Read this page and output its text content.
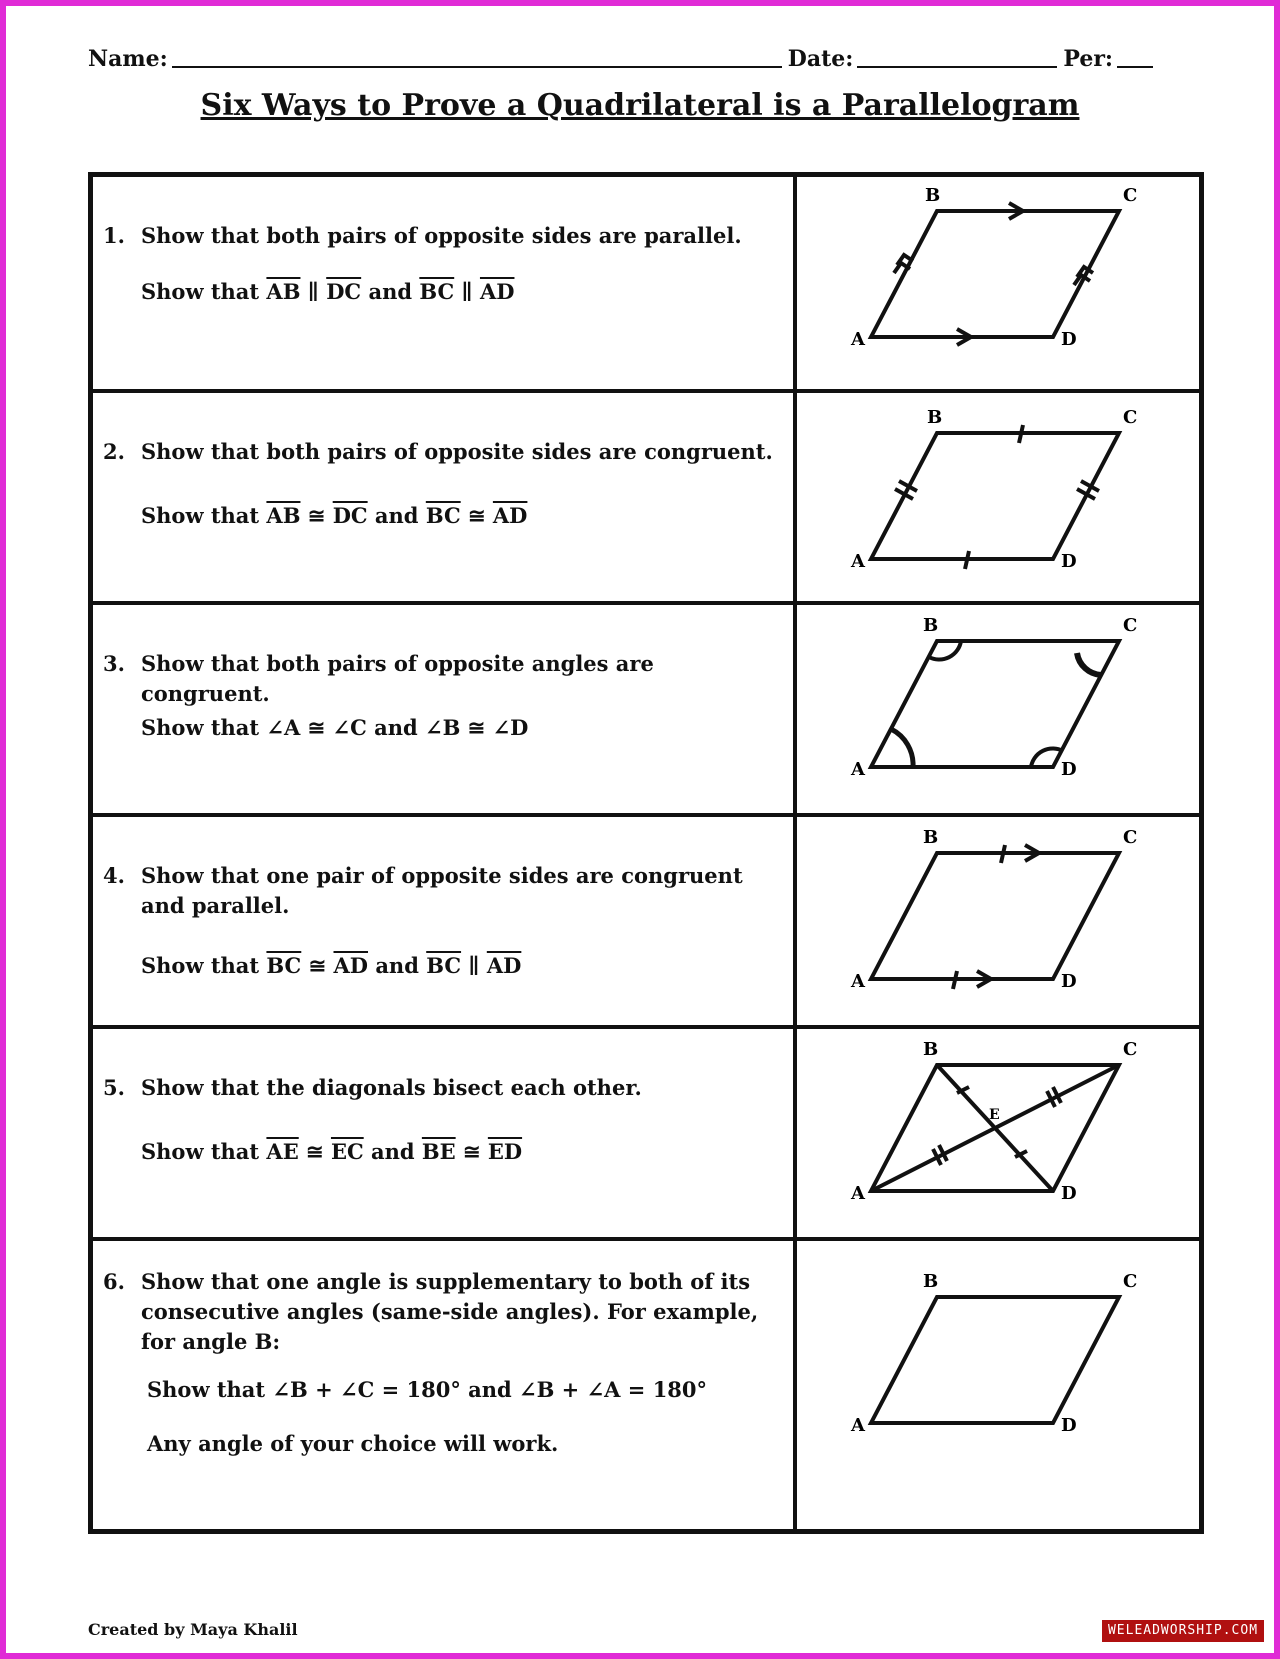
Name:	Date:	Per:
Six Ways to Prove a Quadrilateral is a Parallelogram
1. Show that both pairs of opposite sides are parallel.
Show that $\overline{AB}$ ∥ $\overline{DC}$ and $\overline{BC}$ ∥ $\overline{AD}$
A
B	C
D
2. Show that both pairs of opposite sides are congruent.
Show that $\overline{AB}$ ≅ $\overline{DC}$ and $\overline{BC}$ ≅ $\overline{AD}$
A
B	C
D
3. Show that both pairs of opposite angles are congruent.
Show that ∠A ≅ ∠C and ∠B ≅ ∠D
A
B	C
D
4. Show that one pair of opposite sides are congruent and parallel.
Show that $\overline{BC}$ ≅ $\overline{AD}$ and $\overline{BC}$ ∥ $\overline{AD}$
A
B	C
D
5. Show that the diagonals bisect each other.
Show that $\overline{AE}$ ≅ $\overline{EC}$ and $\overline{BE}$ ≅ $\overline{ED}$
A
B	C
D
E
6. Show that one angle is supplementary to both of its consecutive angles (same-side angles). For example, for angle B:
Show that ∠B + ∠C = 180° and ∠B + ∠A = 180°
Any angle of your choice will work.
A
B	C
D
Created by Maya Khalil	WELEADWORSHIP.COM
